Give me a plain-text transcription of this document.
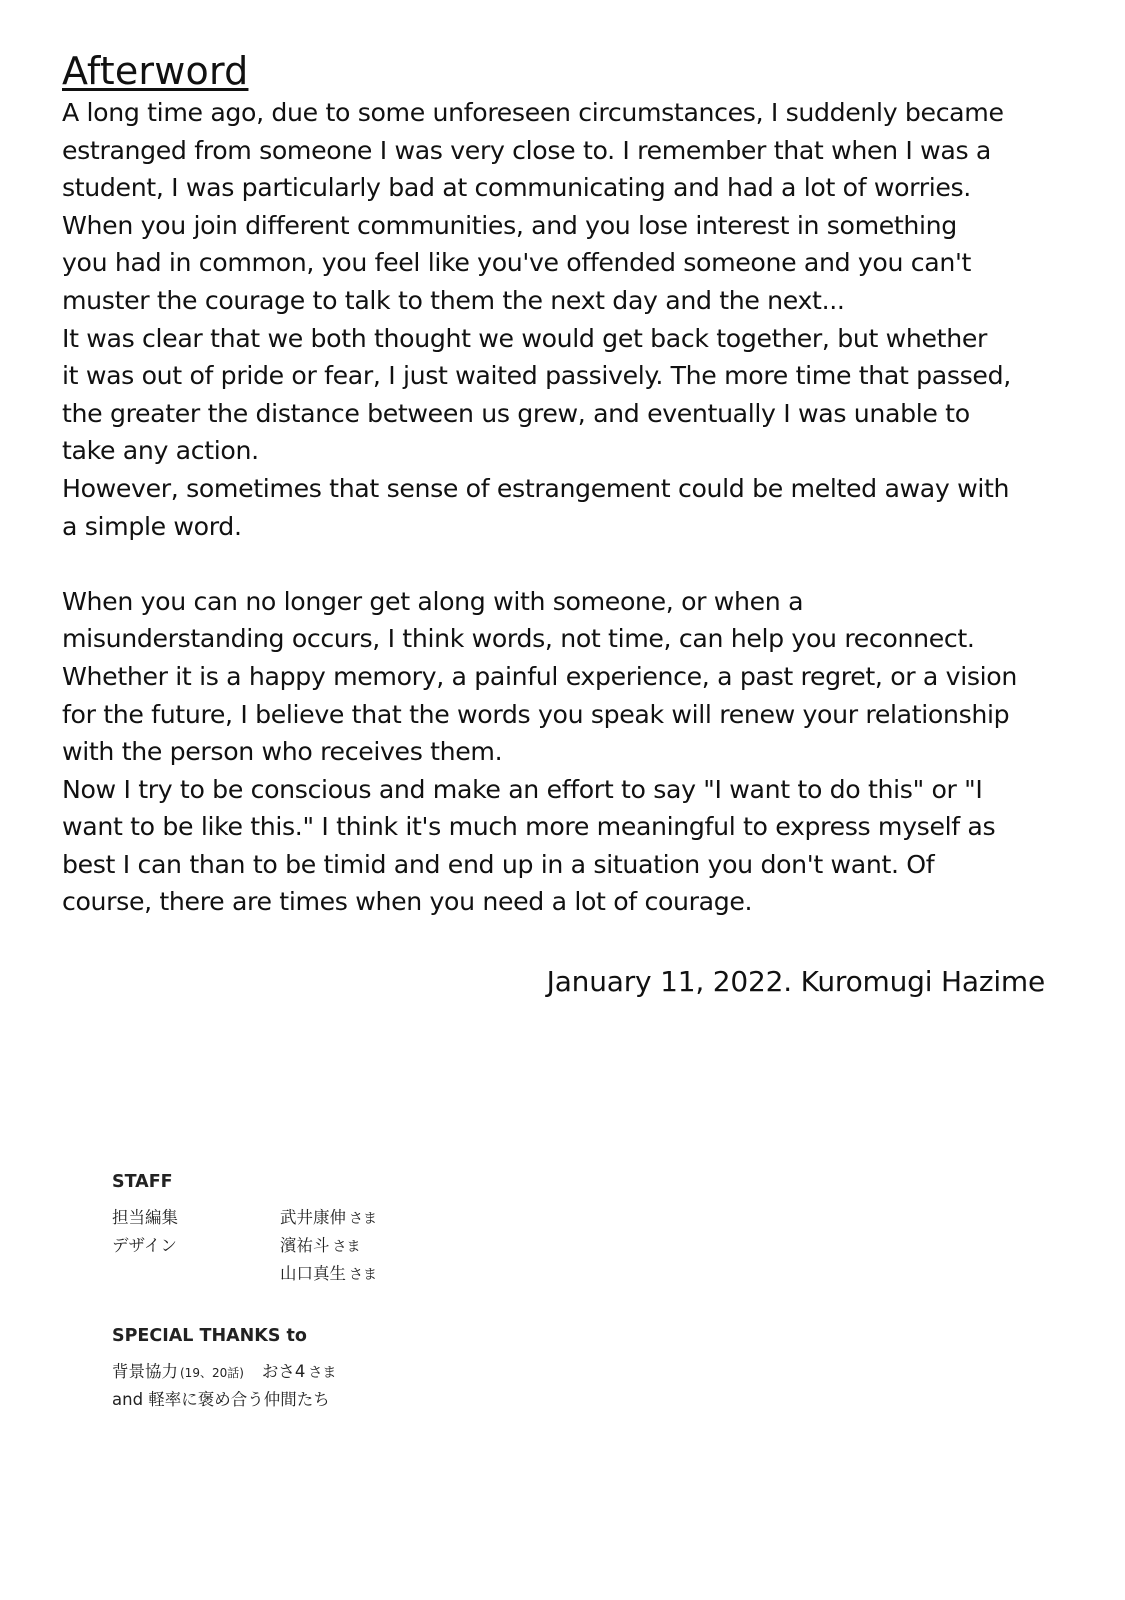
Afterword
A long time ago, due to some unforeseen circumstances, I suddenly became
estranged from someone I was very close to. I remember that when I was a
student, I was particularly bad at communicating and had a lot of worries.
When you join different communities, and you lose interest in something
you had in common, you feel like you've offended someone and you can't
muster the courage to talk to them the next day and the next...
It was clear that we both thought we would get back together, but whether
it was out of pride or fear, I just waited passively. The more time that passed,
the greater the distance between us grew, and eventually I was unable to
take any action.
However, sometimes that sense of estrangement could be melted away with
a simple word.
When you can no longer get along with someone, or when a
misunderstanding occurs, I think words, not time, can help you reconnect.
Whether it is a happy memory, a painful experience, a past regret, or a vision
for the future, I believe that the words you speak will renew your relationship
with the person who receives them.
Now I try to be conscious and make an effort to say "I want to do this" or "I
want to be like this." I think it's much more meaningful to express myself as
best I can than to be timid and end up in a situation you don't want. Of
course, there are times when you need a lot of courage.
January 11, 2022. Kuromugi Hazime
STAFF
担当編集	武井康伸 さま
デザイン	濱祐斗 さま
山口真生 さま
SPECIAL THANKS to
背景協力 (19、20話) おさ4 さま
and 軽率に褒め合う仲間たち
